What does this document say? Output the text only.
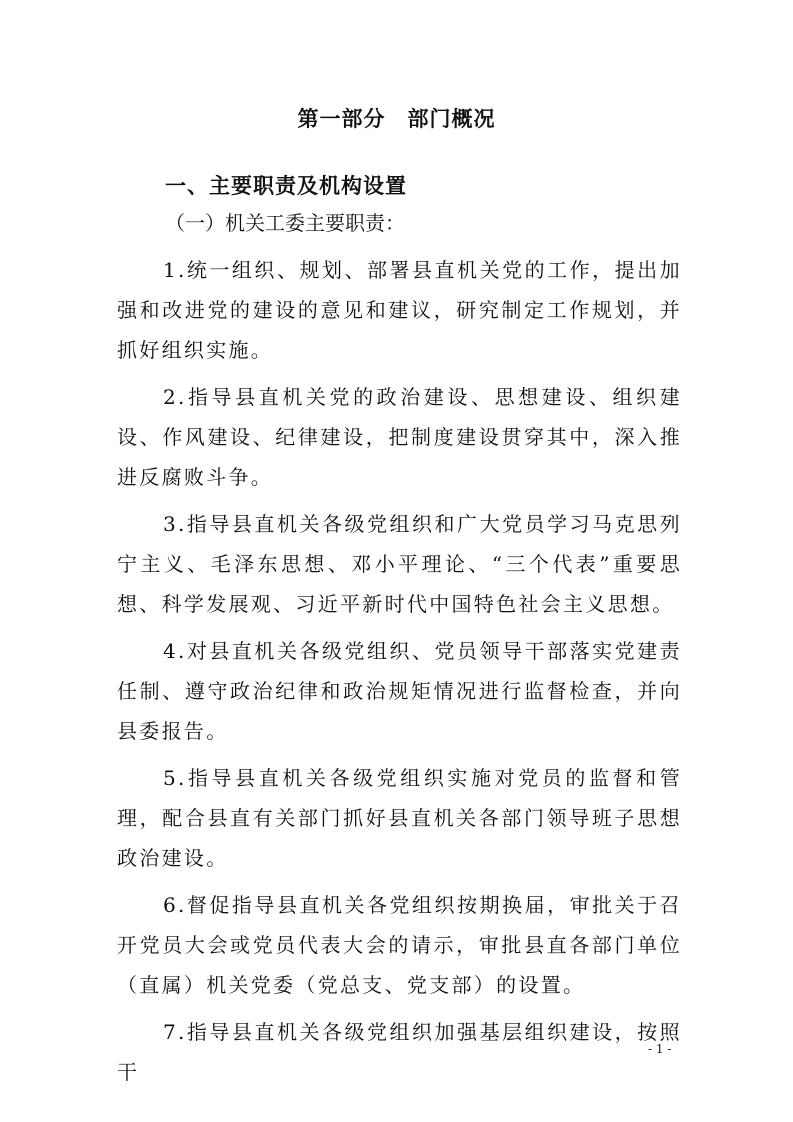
第一部分　部门概况
一、主要职责及机构设置
（一）机关工委主要职责：

1.统一组织、规划、部署县直机关党的工作，提出加强和改进党的建设的意见和建议，研究制定工作规划，并抓好组织实施。

2.指导县直机关党的政治建设、思想建设、组织建设、作风建设、纪律建设，把制度建设贯穿其中，深入推进反腐败斗争。

3.指导县直机关各级党组织和广大党员学习马克思列宁主义、毛泽东思想、邓小平理论、“三个代表”重要思想、科学发展观、习近平新时代中国特色社会主义思想。

4.对县直机关各级党组织、党员领导干部落实党建责任制、遵守政治纪律和政治规矩情况进行监督检查，并向县委报告。

5.指导县直机关各级党组织实施对党员的监督和管理，配合县直有关部门抓好县直机关各部门领导班子思想政治建设。

6.督促指导县直机关各党组织按期换届，审批关于召开党员大会或党员代表大会的请示，审批县直各部门单位（直属）机关党委（党总支、党支部）的设置。

7.指导县直机关各级党组织加强基层组织建设，按照干

- 1 -
